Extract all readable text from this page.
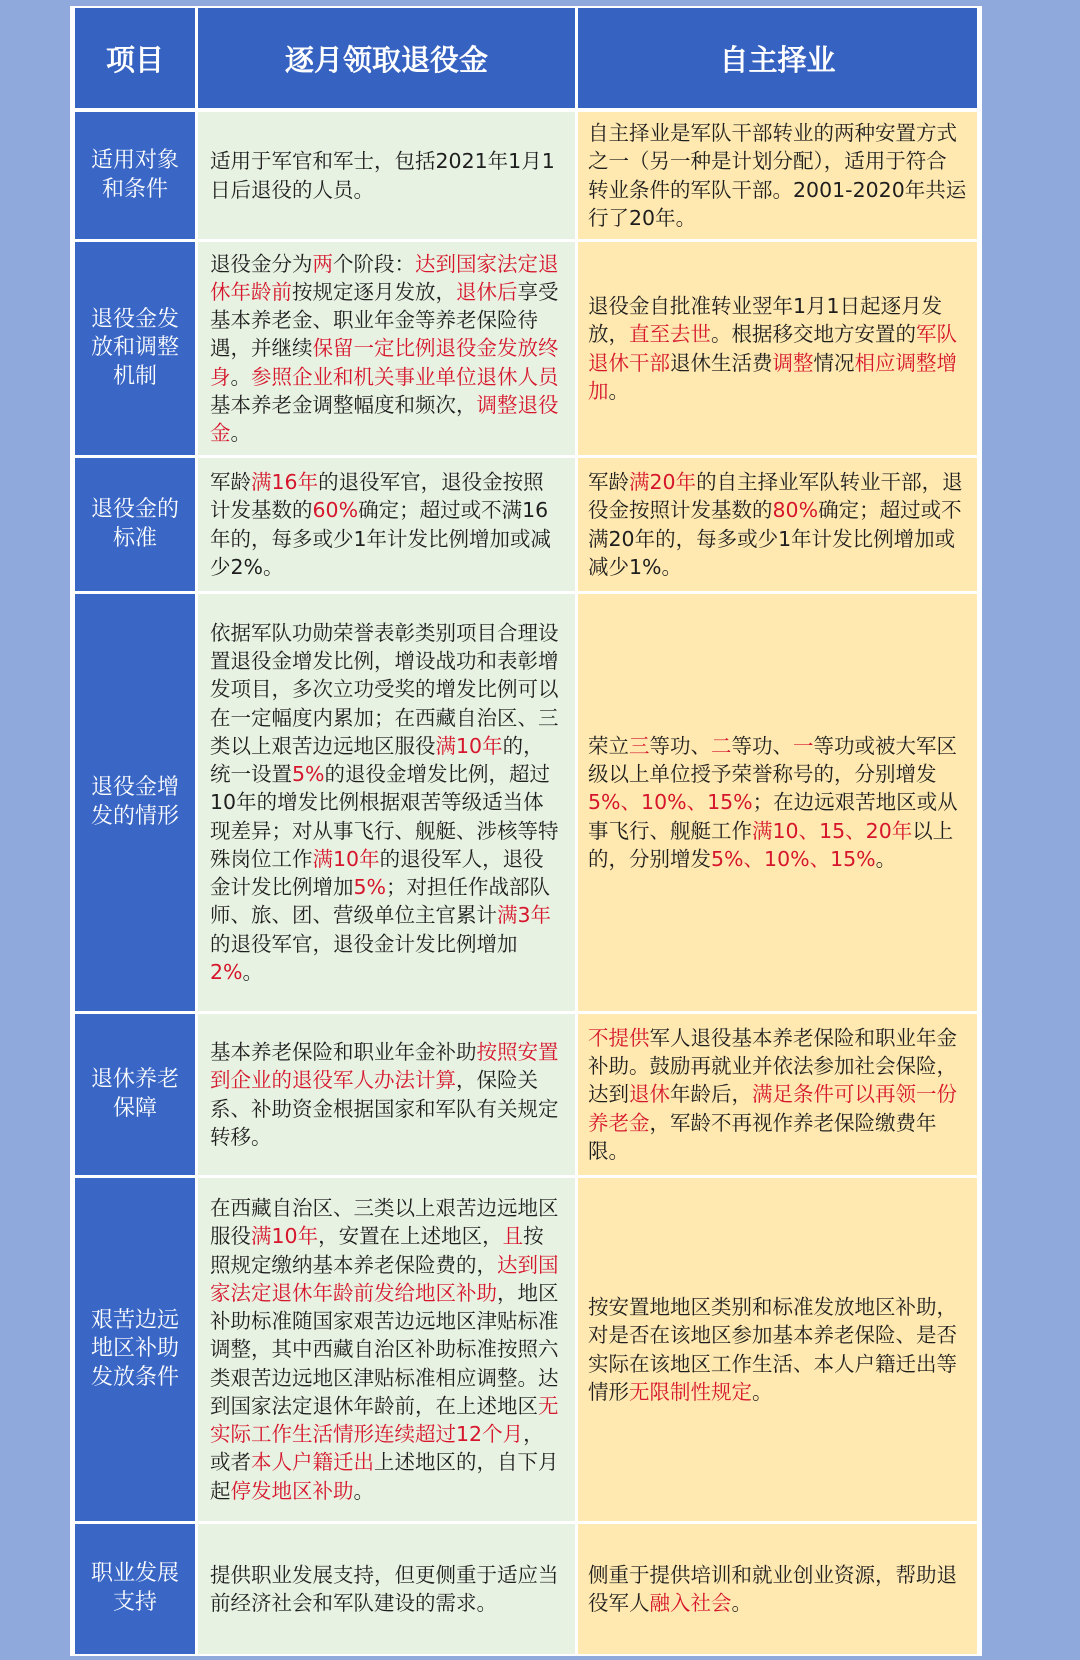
项目	逐月领取退役金	自主择业
适用对象和条件	适用于军官和军士，包括2021年1月1日后退役的人员。	自主择业是军队干部转业的两种安置方式之一（另一种是计划分配），适用于符合转业条件的军队干部。2001-2020年共运行了20年。
退役金发放和调整机制	退役金分为两个阶段：达到国家法定退休年龄前按规定逐月发放，退休后享受基本养老金、职业年金等养老保险待遇，并继续保留一定比例退役金发放终身。参照企业和机关事业单位退休人员基本养老金调整幅度和频次，调整退役金。	退役金自批准转业翌年1月1日起逐月发放，直至去世。根据移交地方安置的军队退休干部退休生活费调整情况相应调整增加。
退役金的标准	军龄满16年的退役军官，退役金按照计发基数的60%确定；超过或不满16年的，每多或少1年计发比例增加或减少2%。	军龄满20年的自主择业军队转业干部，退役金按照计发基数的80%确定；超过或不满20年的，每多或少1年计发比例增加或减少1%。
退役金增发的情形	依据军队功勋荣誉表彰类别项目合理设置退役金增发比例，增设战功和表彰增发项目，多次立功受奖的增发比例可以在一定幅度内累加；在西藏自治区、三类以上艰苦边远地区服役满10年的，统一设置5%的退役金增发比例，超过10年的增发比例根据艰苦等级适当体现差异；对从事飞行、舰艇、涉核等特殊岗位工作满10年的退役军人，退役金计发比例增加5%；对担任作战部队师、旅、团、营级单位主官累计满3年的退役军官，退役金计发比例增加2%。	荣立三等功、二等功、一等功或被大军区级以上单位授予荣誉称号的，分别增发5%、10%、15%；在边远艰苦地区或从事飞行、舰艇工作满10、15、20年以上的，分别增发5%、10%、15%。
退休养老保障	基本养老保险和职业年金补助按照安置到企业的退役军人办法计算，保险关系、补助资金根据国家和军队有关规定转移。	不提供军人退役基本养老保险和职业年金补助。鼓励再就业并依法参加社会保险，达到退休年龄后，满足条件可以再领一份养老金，军龄不再视作养老保险缴费年限。
艰苦边远地区补助发放条件	在西藏自治区、三类以上艰苦边远地区服役满10年，安置在上述地区，且按照规定缴纳基本养老保险费的，达到国家法定退休年龄前发给地区补助，地区补助标准随国家艰苦边远地区津贴标准调整，其中西藏自治区补助标准按照六类艰苦边远地区津贴标准相应调整。达到国家法定退休年龄前，在上述地区无实际工作生活情形连续超过12个月，或者本人户籍迁出上述地区的，自下月起停发地区补助。	按安置地地区类别和标准发放地区补助，对是否在该地区参加基本养老保险、是否实际在该地区工作生活、本人户籍迁出等情形无限制性规定。
职业发展支持	提供职业发展支持，但更侧重于适应当前经济社会和军队建设的需求。	侧重于提供培训和就业创业资源，帮助退役军人融入社会。
